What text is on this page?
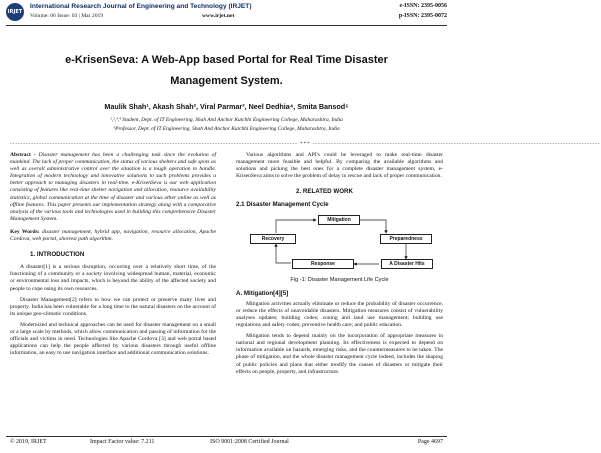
IRJET
International Research Journal of Engineering and Technology (IRJET)
Volume: 06 Issue: 03 | Mar 2019	www.irjet.net
e-ISSN: 2395-0056
p-ISSN: 2395-0072
e-KrisenSeva: A Web-App based Portal for Real Time Disaster
Management System.
Maulik Shah¹, Akash Shah², Viral Parmar³, Neel Dedhia⁴, Smita Bansod⁵
¹,²,³,⁴ Student, Dept. of IT Engineering, Shah And Anchor Kutchhi Engineering College, Maharashtra, India
⁵Professor, Dept. of IT Engineering, Shah And Anchor Kutchhi Engineering College, Maharashtra, India
------------------------------------------------------------------------------------------------------------ *** ------------------------------------------------------------------------------------------------------------

Abstract - Disaster management has been a challenging task since the evolution of mankind. The lack of proper communication, the status of various shelters and safe spots as well as overall administrative control over the situation is a tough operation to handle. Integration of modern technology and innovative solutions to such problems provides a better approach to managing disasters in real-time. e-KrisenSeva is our web application consisting of features like real-time shelter navigation and allocation, resource availability statistics, global communication at the time of disaster and various other online as well as offline features. This paper presents our implementation strategy along with a comparative analysis of the various tools and technologies used in building this comprehensive Disaster Management System.

Key Words: disaster management, hybrid app, navigation, resource allocation, Apache Cordova, web portal, shortest path algorithm.

1. INTRODUCTION

A disaster[1] is a serious disruption, occurring over a relatively short time, of the functioning of a community or a society involving widespread human, material, economic or environmental loss and impacts, which is beyond the ability of the affected society and people to cope using its own resources.

Disaster Management[2] refers to how we can protect or preserve many lives and property. India has been vulnerable for a long time to the natural disasters on the account of its unique geo-climatic conditions.

Modernized and technical approaches can be used for disaster management on a small or a large scale by methods, which allow communication and passing of information for the officials and victims in need. Technologies like Apache Cordova [3] and web portal based applications can help the people affected by various disasters through useful offline information, an easy to use navigation interface and additional communication solutions.

Various algorithms and API's could be leveraged to make real-time disaster management more feasible and helpful. By comparing the available algorithms and solutions and picking the best ones for a complete disaster management system, e-KrisenSeva aims to solve the problem of delay in rescue and lack of proper communication.

2. RELATED WORK
2.1 Disaster Management Cycle
Mitigation
Recovery	Preparedness
Response	A Disaster Hits
Fig -1: Disaster Management Life Cycle
A. Mitigation[4][5]

Mitigation activities actually eliminate or reduce the probability of disaster occurrence, or reduce the effects of unavoidable disasters. Mitigation measures consist of vulnerability analyses updates; building codes; zoning and land use management; building use regulations and safety codes; preventive health care; and public education.

Mitigation tends to depend mainly on the incorporation of appropriate measures in national and regional development planning. Its effectiveness is expected to depend on information available on hazards, emerging risks, and the countermeasures to be taken. The phase of mitigation, and the whole disaster management cycle indeed, includes the shaping of public policies and plans that either modify the causes of disasters or mitigate their effects on people, property, and infrastructure.

© 2019, IRJET	Impact Factor value: 7.211	ISO 9001:2008 Certified Journal	Page 4697
